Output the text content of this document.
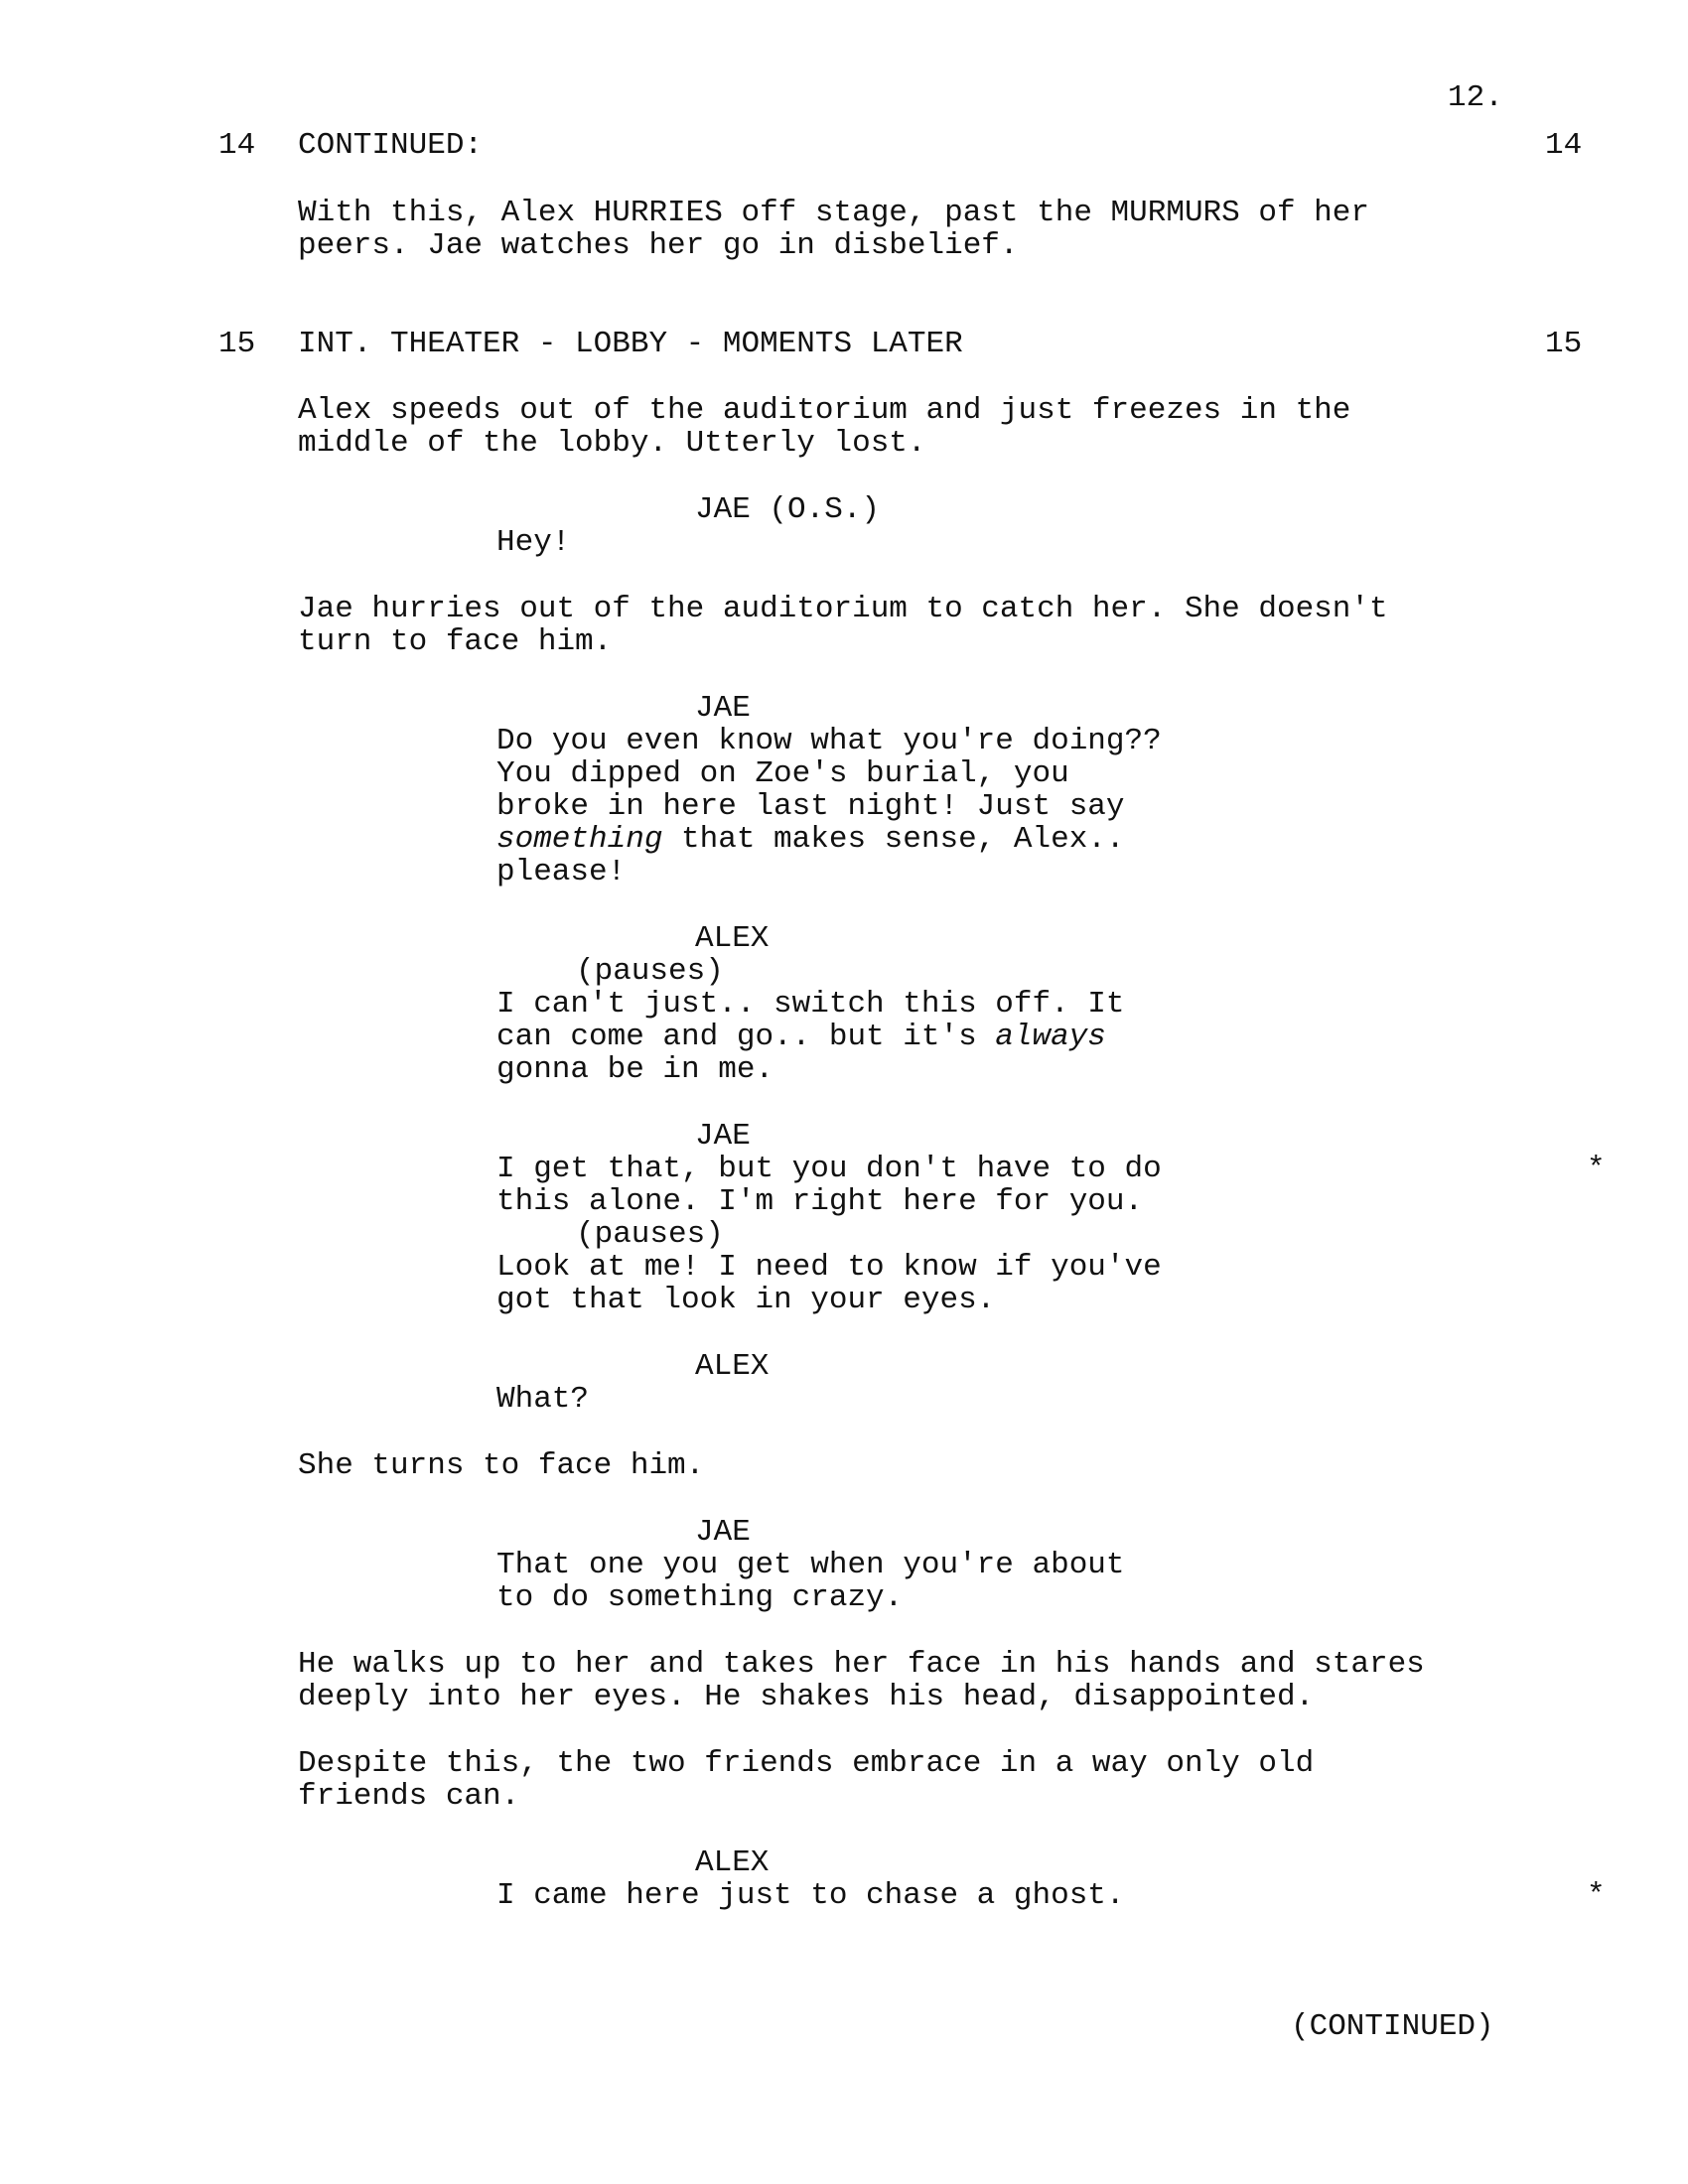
12.
14 CONTINUED:	14
With this, Alex HURRIES off stage, past the MURMURS of her
peers. Jae watches her go in disbelief.
15 INT. THEATER - LOBBY - MOMENTS LATER	15
Alex speeds out of the auditorium and just freezes in the
middle of the lobby. Utterly lost.
JAE (O.S.)
Hey!
Jae hurries out of the auditorium to catch her. She doesn't
turn to face him.
JAE
Do you even know what you're doing??
You dipped on Zoe's burial, you
broke in here last night! Just say
something that makes sense, Alex..
please!
ALEX
(pauses)
I can't just.. switch this off. It
can come and go.. but it's always
gonna be in me.
JAE
I get that, but you don't have to do	*
this alone. I'm right here for you.
(pauses)
Look at me! I need to know if you've
got that look in your eyes.
ALEX
What?
She turns to face him.
JAE
That one you get when you're about
to do something crazy.
He walks up to her and takes her face in his hands and stares
deeply into her eyes. He shakes his head, disappointed.
Despite this, the two friends embrace in a way only old
friends can.
ALEX
I came here just to chase a ghost.	*
(CONTINUED)
